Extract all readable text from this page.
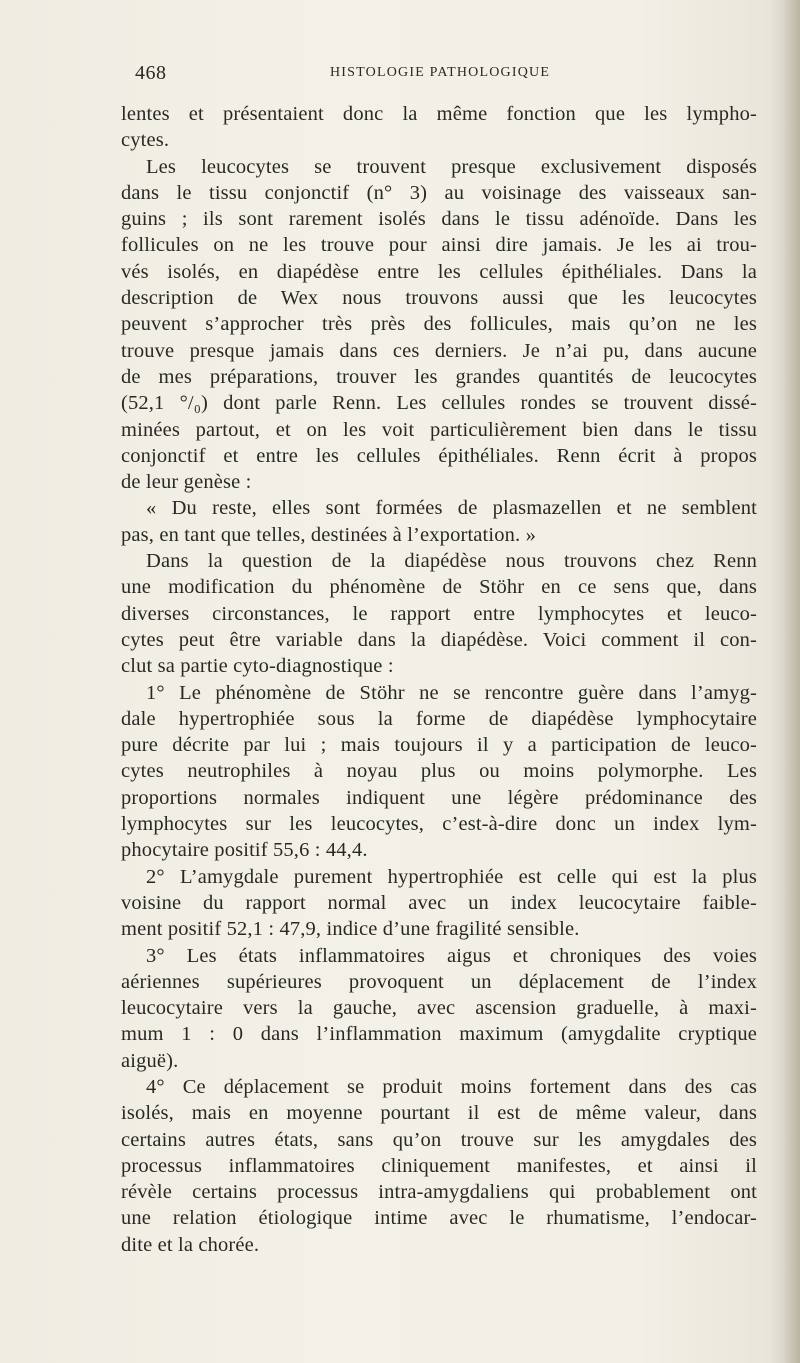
468	HISTOLOGIE PATHOLOGIQUE
lentes et présentaient donc la même fonction que les lympho-
cytes.
Les leucocytes se trouvent presque exclusivement disposés
dans le tissu conjonctif (n° 3) au voisinage des vaisseaux san-
guins ; ils sont rarement isolés dans le tissu adénoïde. Dans les
follicules on ne les trouve pour ainsi dire jamais. Je les ai trou-
vés isolés, en diapédèse entre les cellules épithéliales. Dans la
description de Wex nous trouvons aussi que les leucocytes
peuvent s’approcher très près des follicules, mais qu’on ne les
trouve presque jamais dans ces derniers. Je n’ai pu, dans aucune
de mes préparations, trouver les grandes quantités de leucocytes
(52,1 °/₀) dont parle Renn. Les cellules rondes se trouvent dissé-
minées partout, et on les voit particulièrement bien dans le tissu
conjonctif et entre les cellules épithéliales. Renn écrit à propos
de leur genèse :
« Du reste, elles sont formées de plasmazellen et ne semblent
pas, en tant que telles, destinées à l’exportation. »
Dans la question de la diapédèse nous trouvons chez Renn
une modification du phénomène de Stöhr en ce sens que, dans
diverses circonstances, le rapport entre lymphocytes et leuco-
cytes peut être variable dans la diapédèse. Voici comment il con-
clut sa partie cyto-diagnostique :
1° Le phénomène de Stöhr ne se rencontre guère dans l’amyg-
dale hypertrophiée sous la forme de diapédèse lymphocytaire
pure décrite par lui ; mais toujours il y a participation de leuco-
cytes neutrophiles à noyau plus ou moins polymorphe. Les
proportions normales indiquent une légère prédominance des
lymphocytes sur les leucocytes, c’est-à-dire donc un index lym-
phocytaire positif 55,6 : 44,4.
2° L’amygdale purement hypertrophiée est celle qui est la plus
voisine du rapport normal avec un index leucocytaire faible-
ment positif 52,1 : 47,9, indice d’une fragilité sensible.
3° Les états inflammatoires aigus et chroniques des voies
aériennes supérieures provoquent un déplacement de l’index
leucocytaire vers la gauche, avec ascension graduelle, à maxi-
mum 1 : 0 dans l’inflammation maximum (amygdalite cryptique
aiguë).
4° Ce déplacement se produit moins fortement dans des cas
isolés, mais en moyenne pourtant il est de même valeur, dans
certains autres états, sans qu’on trouve sur les amygdales des
processus inflammatoires cliniquement manifestes, et ainsi il
révèle certains processus intra-amygdaliens qui probablement ont
une relation étiologique intime avec le rhumatisme, l’endocar-
dite et la chorée.
